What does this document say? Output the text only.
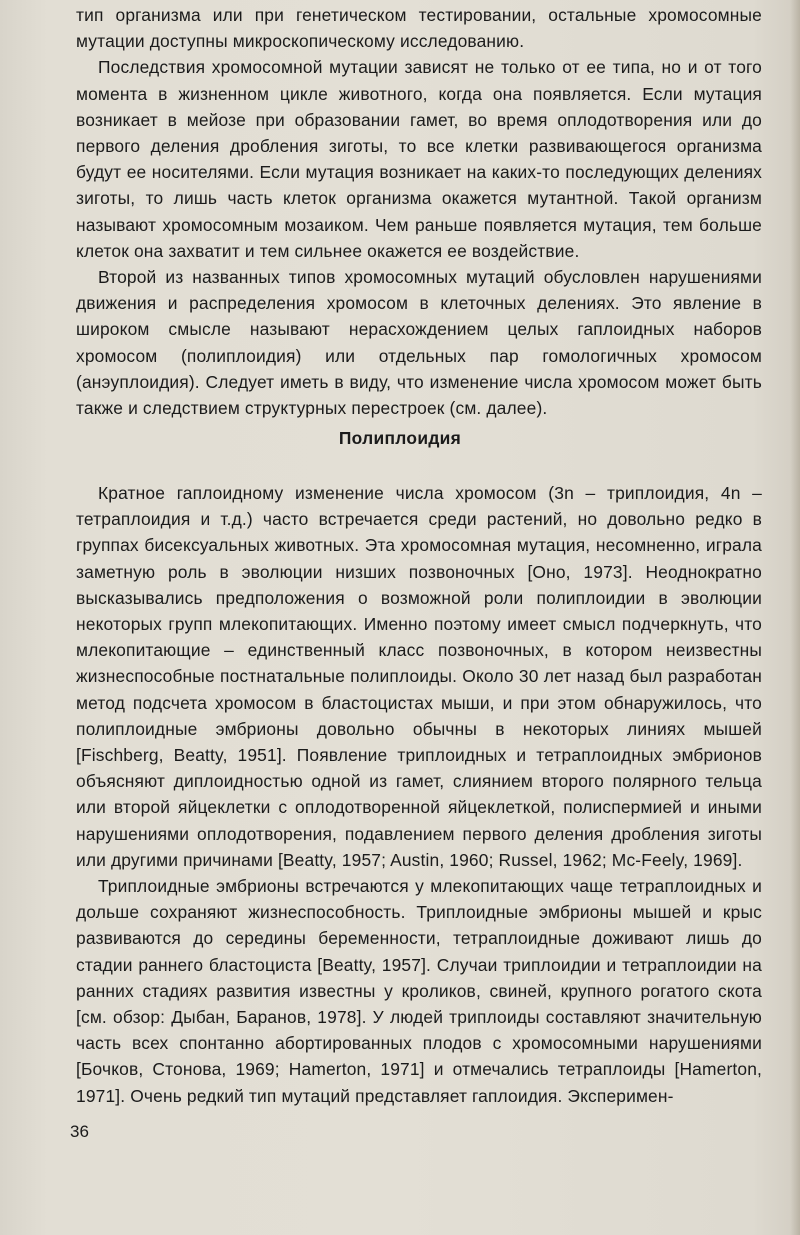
тип организма или при генетическом тестировании, остальные хромосомные мутации доступны микроскопическому исследованию.

Последствия хромосомной мутации зависят не только от ее типа, но и от того момента в жизненном цикле животного, когда она появляется. Если мутация возникает в мейозе при образовании гамет, во время оплодотворения или до первого деления дробления зиготы, то все клетки развивающегося организма будут ее носителями. Если мутация возникает на каких-то последующих делениях зиготы, то лишь часть клеток организма окажется мутантной. Такой организм называют хромосомным мозаиком. Чем раньше появляется мутация, тем больше клеток она захватит и тем сильнее окажется ее воздействие.

Второй из названных типов хромосомных мутаций обусловлен нарушениями движения и распределения хромосом в клеточных делениях. Это явление в широком смысле называют нерасхождением целых гаплоидных наборов хромосом (полиплоидия) или отдельных пар гомологичных хромосом (анэуплоидия). Следует иметь в виду, что изменение числа хромосом может быть также и следствием структурных перестроек (см. далее).

Полиплоидия

Кратное гаплоидному изменение числа хромосом (3n – триплоидия, 4n – тетраплоидия и т.д.) часто встречается среди растений, но довольно редко в группах бисексуальных животных. Эта хромосомная мутация, несомненно, играла заметную роль в эволюции низших позвоночных [Оно, 1973]. Неоднократно высказывались предположения о возможной роли полиплоидии в эволюции некоторых групп млекопитающих. Именно поэтому имеет смысл подчеркнуть, что млекопитающие – единственный класс позвоночных, в котором неизвестны жизнеспособные постнатальные полиплоиды. Около 30 лет назад был разработан метод подсчета хромосом в бластоцистах мыши, и при этом обнаружилось, что полиплоидные эмбрионы довольно обычны в некоторых линиях мышей [Fischberg, Beatty, 1951]. Появление триплоидных и тетраплоидных эмбрионов объясняют диплоидностью одной из гамет, слиянием второго полярного тельца или второй яйцеклетки с оплодотворенной яйцеклеткой, полиспермией и иными нарушениями оплодотворения, подавлением первого деления дробления зиготы или другими причинами [Beatty, 1957; Austin, 1960; Russel, 1962; Mc-Feely, 1969].

Триплоидные эмбрионы встречаются у млекопитающих чаще тетраплоидных и дольше сохраняют жизнеспособность. Триплоидные эмбрионы мышей и крыс развиваются до середины беременности, тетраплоидные доживают лишь до стадии раннего бластоциста [Beatty, 1957]. Случаи триплоидии и тетраплоидии на ранних стадиях развития известны у кроликов, свиней, крупного рогатого скота [см. обзор: Дыбан, Баранов, 1978]. У людей триплоиды составляют значительную часть всех спонтанно абортированных плодов с хромосомными нарушениями [Бочков, Стонова, 1969; Hamerton, 1971] и отмечались тетраплоиды [Hamerton, 1971]. Очень редкий тип мутаций представляет гаплоидия. Эксперимен-

36
